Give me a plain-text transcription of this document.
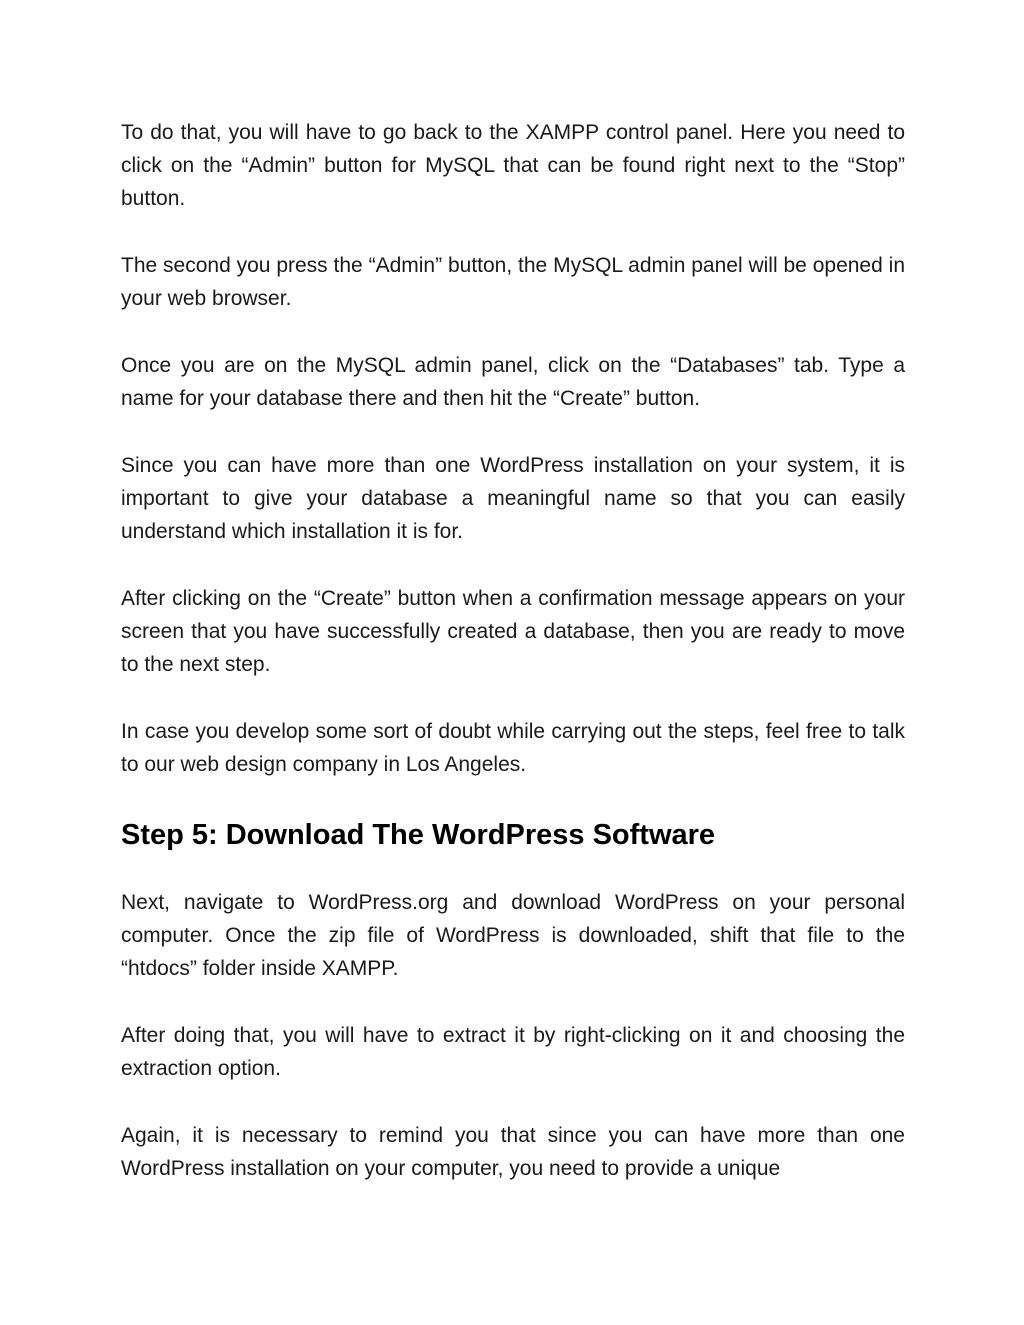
To do that, you will have to go back to the XAMPP control panel. Here you need to click on the “Admin” button for MySQL that can be found right next to the “Stop” button.

The second you press the “Admin” button, the MySQL admin panel will be opened in your web browser.

Once you are on the MySQL admin panel, click on the “Databases” tab. Type a name for your database there and then hit the “Create” button.

Since you can have more than one WordPress installation on your system, it is important to give your database a meaningful name so that you can easily understand which installation it is for.

After clicking on the “Create” button when a confirmation message appears on your screen that you have successfully created a database, then you are ready to move to the next step.

In case you develop some sort of doubt while carrying out the steps, feel free to talk to our web design company in Los Angeles.

Step 5: Download The WordPress Software

Next, navigate to WordPress.org and download WordPress on your personal computer. Once the zip file of WordPress is downloaded, shift that file to the “htdocs” folder inside XAMPP.

After doing that, you will have to extract it by right-clicking on it and choosing the extraction option.

Again, it is necessary to remind you that since you can have more than one WordPress installation on your computer, you need to provide a unique
